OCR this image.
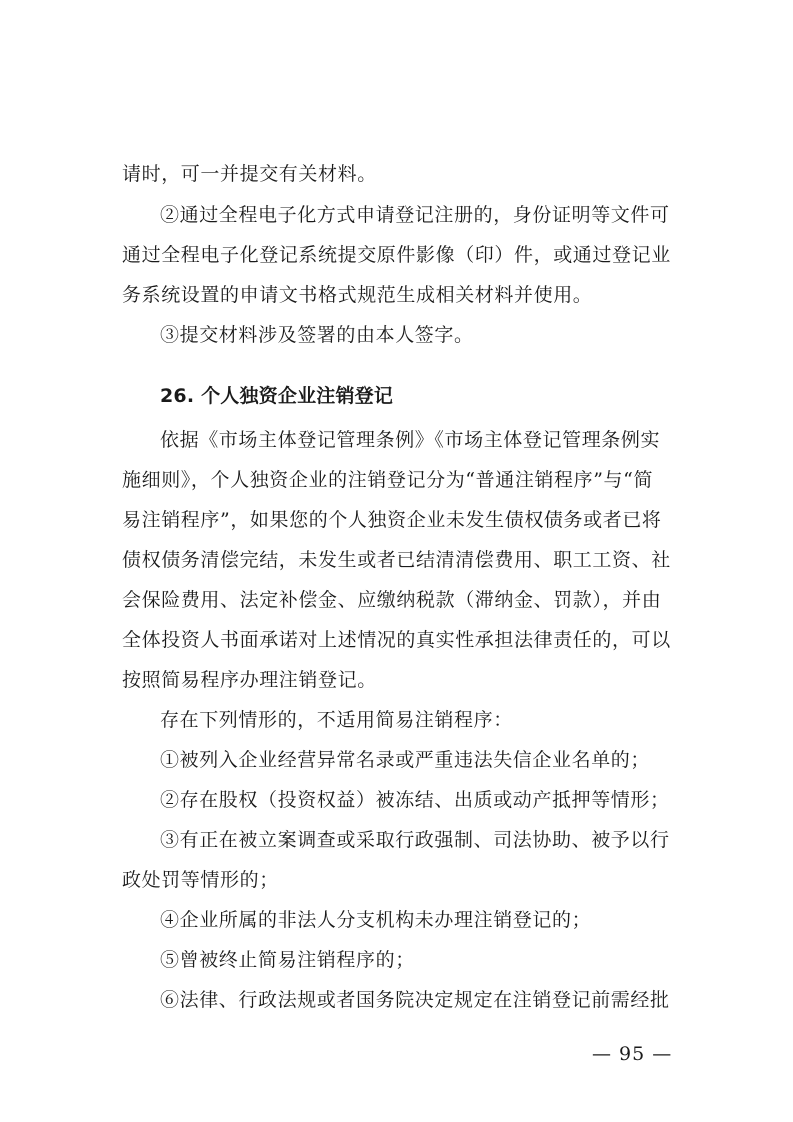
请时，可一并提交有关材料。
②通过全程电子化方式申请登记注册的，身份证明等文件可
通过全程电子化登记系统提交原件影像（印）件，或通过登记业
务系统设置的申请文书格式规范生成相关材料并使用。
③提交材料涉及签署的由本人签字。
26. 个人独资企业注销登记
依据《市场主体登记管理条例》《市场主体登记管理条例实
施细则》，个人独资企业的注销登记分为“普通注销程序”与“简
易注销程序”，如果您的个人独资企业未发生债权债务或者已将
债权债务清偿完结，未发生或者已结清清偿费用、职工工资、社
会保险费用、法定补偿金、应缴纳税款（滞纳金、罚款），并由
全体投资人书面承诺对上述情况的真实性承担法律责任的，可以
按照简易程序办理注销登记。
存在下列情形的，不适用简易注销程序：
①被列入企业经营异常名录或严重违法失信企业名单的；
②存在股权（投资权益）被冻结、出质或动产抵押等情形；
③有正在被立案调查或采取行政强制、司法协助、被予以行
政处罚等情形的；
④企业所属的非法人分支机构未办理注销登记的；
⑤曾被终止简易注销程序的；
⑥法律、行政法规或者国务院决定规定在注销登记前需经批
— 95 —
